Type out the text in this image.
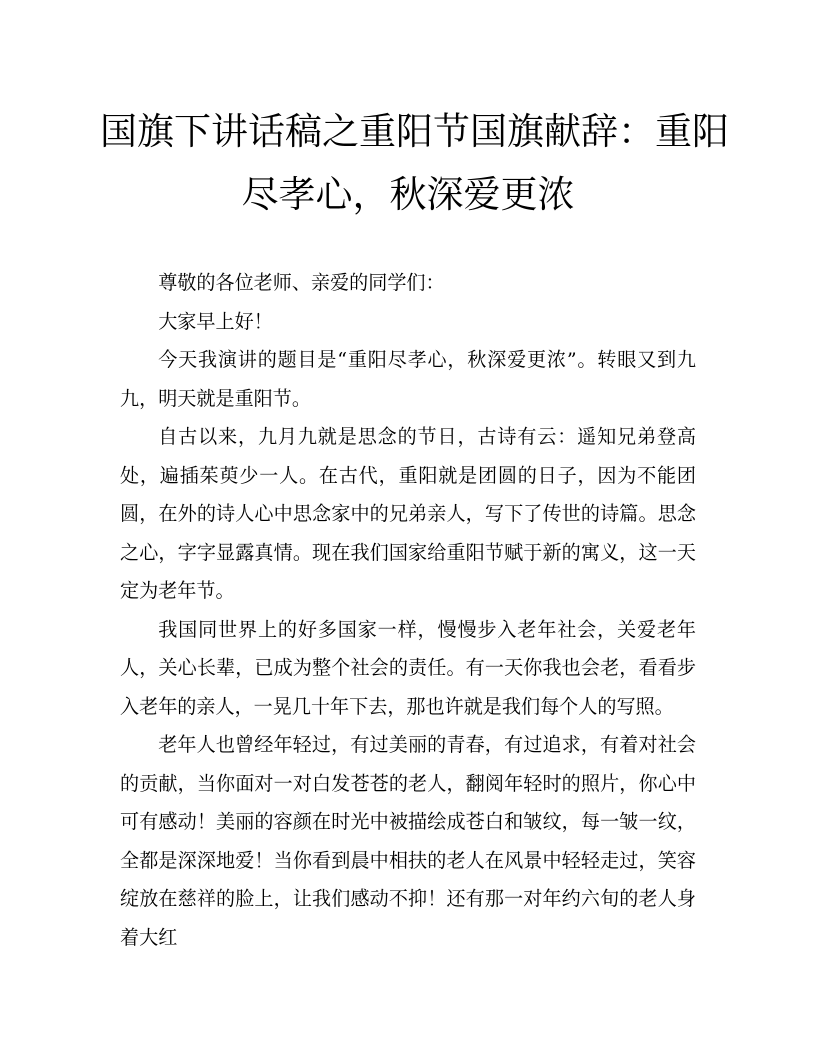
国旗下讲话稿之重阳节国旗献辞：重阳
尽孝心，秋深爱更浓

尊敬的各位老师、亲爱的同学们：

大家早上好！

今天我演讲的题目是“重阳尽孝心，秋深爱更浓”。转眼又到九九，明天就是重阳节。

自古以来，九月九就是思念的节日，古诗有云：遥知兄弟登高处，遍插茱萸少一人。在古代，重阳就是团圆的日子，因为不能团圆，在外的诗人心中思念家中的兄弟亲人，写下了传世的诗篇。思念之心，字字显露真情。现在我们国家给重阳节赋于新的寓义，这一天定为老年节。

我国同世界上的好多国家一样，慢慢步入老年社会，关爱老年人，关心长辈，已成为整个社会的责任。有一天你我也会老，看看步入老年的亲人，一晃几十年下去，那也许就是我们每个人的写照。

老年人也曾经年轻过，有过美丽的青春，有过追求，有着对社会的贡献，当你面对一对白发苍苍的老人，翻阅年轻时的照片，你心中可有感动！美丽的容颜在时光中被描绘成苍白和皱纹，每一皱一纹，全都是深深地爱！当你看到晨中相扶的老人在风景中轻轻走过，笑容绽放在慈祥的脸上，让我们感动不抑！还有那一对年约六旬的老人身着大红
